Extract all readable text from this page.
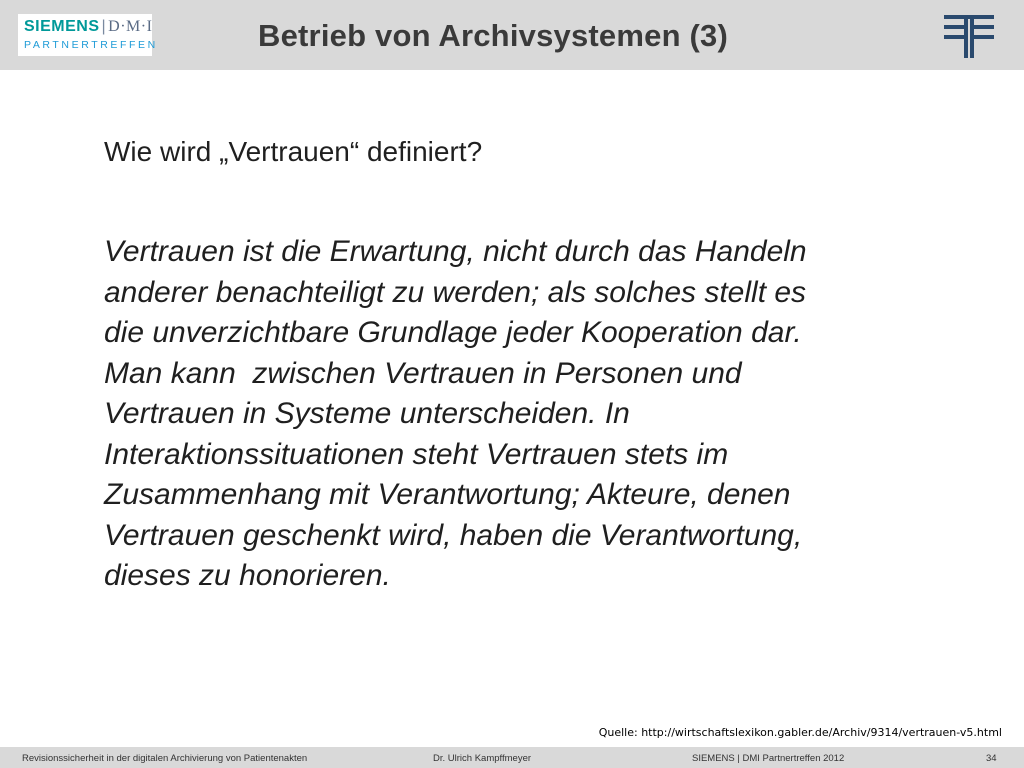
SIEMENS | D·M·I
PARTNERTREFFEN	Betrieb von Archivsystemen (3)
Wie wird „Vertrauen“ definiert?
Vertrauen ist die Erwartung, nicht durch das Handeln
anderer benachteiligt zu werden; als solches stellt es
die unverzichtbare Grundlage jeder Kooperation dar.
Man kann  zwischen Vertrauen in Personen und
Vertrauen in Systeme unterscheiden. In
Interaktionssituationen steht Vertrauen stets im
Zusammenhang mit Verantwortung; Akteure, denen
Vertrauen geschenkt wird, haben die Verantwortung,
dieses zu honorieren.
Quelle: http://wirtschaftslexikon.gabler.de/Archiv/9314/vertrauen-v5.html
Revisionssicherheit in der digitalen Archivierung von Patientenakten	Dr. Ulrich Kampffmeyer	SIEMENS | DMI Partnertreffen 2012	34
